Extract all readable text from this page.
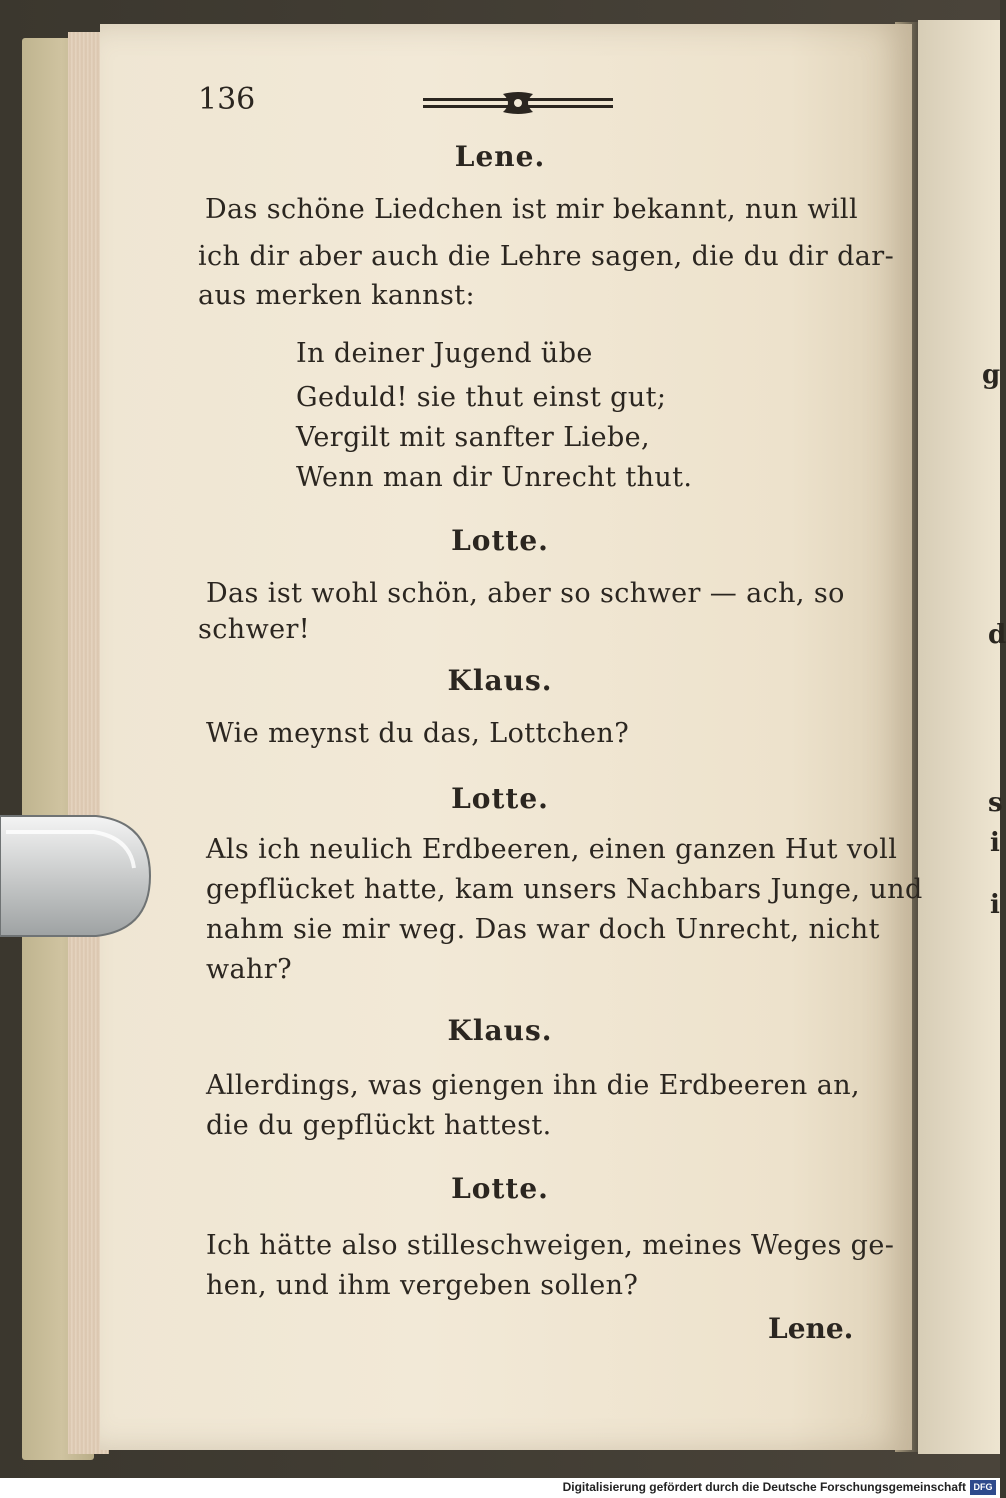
g
d
s
i
i
136
Lene.
Das schöne Liedchen ist mir bekannt, nun will
ich dir aber auch die Lehre sagen, die du dir dar-
aus merken kannst:
In deiner Jugend übe
Geduld! sie thut einst gut;
Vergilt mit sanfter Liebe,
Wenn man dir Unrecht thut.
Lotte.
Das ist wohl schön, aber so schwer — ach, so
schwer!
Klaus.
Wie meynst du das, Lottchen?
Lotte.
Als ich neulich Erdbeeren, einen ganzen Hut voll
gepflücket hatte, kam unsers Nachbars Junge, und
nahm sie mir weg. Das war doch Unrecht, nicht
wahr?
Klaus.
Allerdings, was giengen ihn die Erdbeeren an,
die du gepflückt hattest.
Lotte.
Ich hätte also stilleschweigen, meines Weges ge-
hen, und ihm vergeben sollen?
Lene.
Digitalisierung gefördert durch die Deutsche Forschungsgemeinschaft DFG
